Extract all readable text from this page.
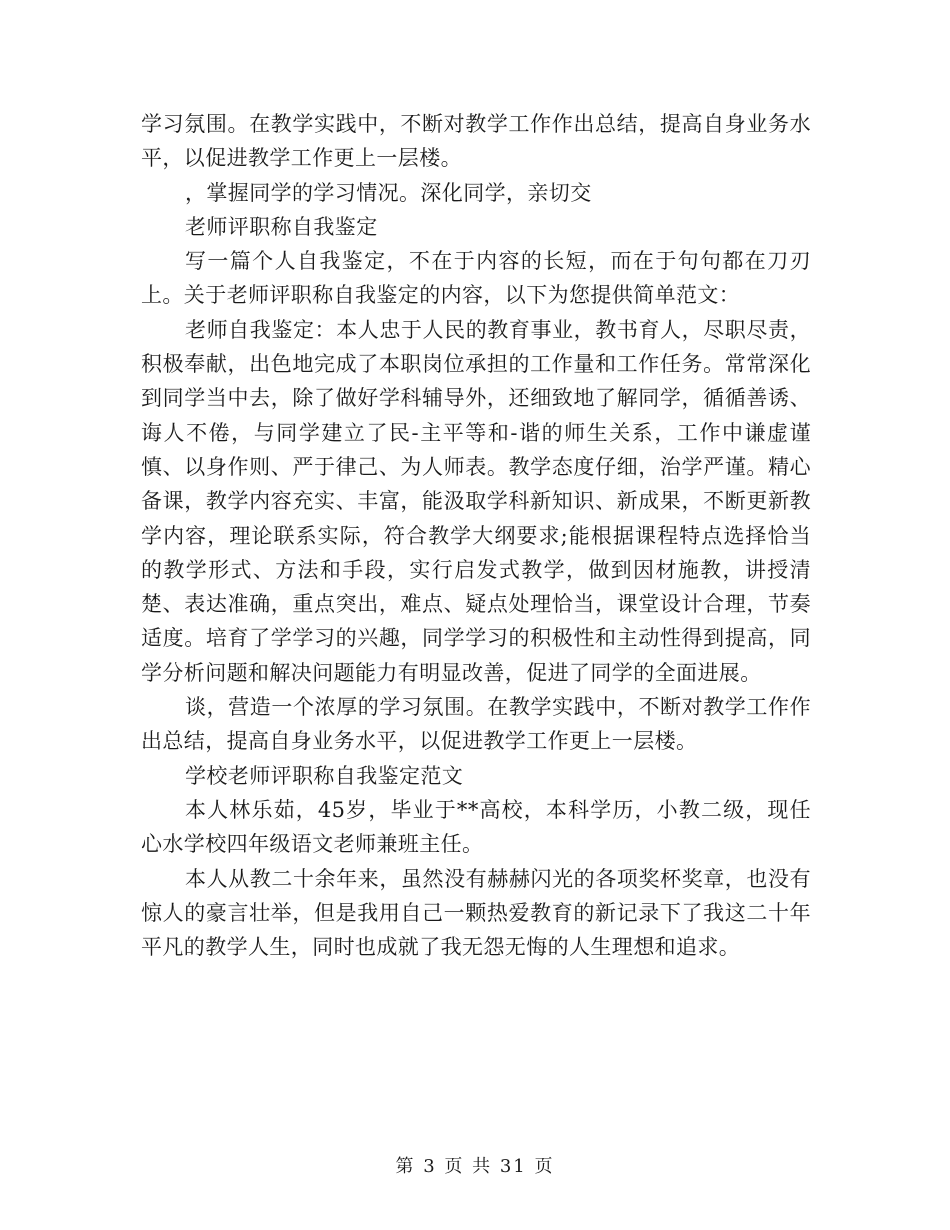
学习氛围。在教学实践中，不断对教学工作作出总结，提高自身业务水平，以促进教学工作更上一层楼。

，掌握同学的学习情况。深化同学，亲切交

老师评职称自我鉴定

写一篇个人自我鉴定，不在于内容的长短，而在于句句都在刀刃上。关于老师评职称自我鉴定的内容，以下为您提供简单范文：

老师自我鉴定：本人忠于人民的教育事业，教书育人，尽职尽责，积极奉献，出色地完成了本职岗位承担的工作量和工作任务。常常深化到同学当中去，除了做好学科辅导外，还细致地了解同学，循循善诱、诲人不倦，与同学建立了民-主平等和-谐的师生关系，工作中谦虚谨慎、以身作则、严于律己、为人师表。教学态度仔细，治学严谨。精心备课，教学内容充实、丰富，能汲取学科新知识、新成果，不断更新教学内容，理论联系实际，符合教学大纲要求;能根据课程特点选择恰当的教学形式、方法和手段，实行启发式教学，做到因材施教，讲授清楚、表达准确，重点突出，难点、疑点处理恰当，课堂设计合理，节奏适度。培育了学学习的兴趣，同学学习的积极性和主动性得到提高，同学分析问题和解决问题能力有明显改善，促进了同学的全面进展。

谈，营造一个浓厚的学习氛围。在教学实践中，不断对教学工作作出总结，提高自身业务水平，以促进教学工作更上一层楼。

学校老师评职称自我鉴定范文

本人林乐茹，45岁，毕业于**高校，本科学历，小教二级，现任心水学校四年级语文老师兼班主任。

本人从教二十余年来，虽然没有赫赫闪光的各项奖杯奖章，也没有惊人的豪言壮举，但是我用自己一颗热爱教育的新记录下了我这二十年平凡的教学人生，同时也成就了我无怨无悔的人生理想和追求。

第 3 页 共 31 页
